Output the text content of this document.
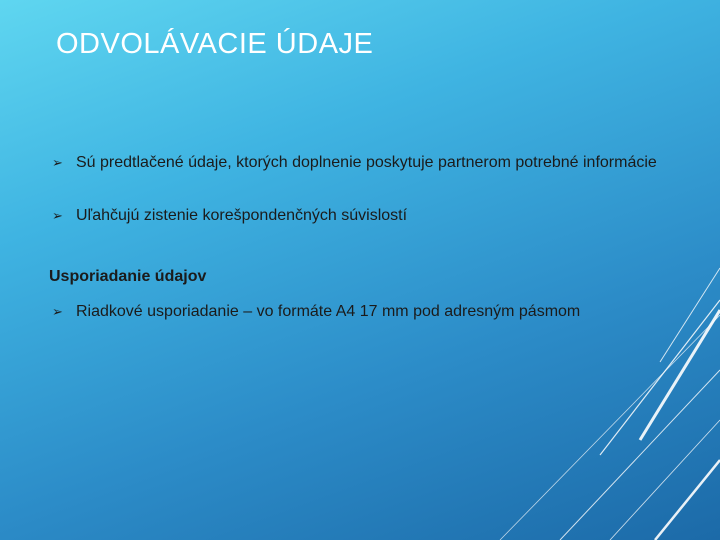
ODVOLÁVACIE ÚDAJE
➢ Sú predtlačené údaje, ktorých doplnenie poskytuje partnerom potrebné informácie
➢ Uľahčujú zistenie korešpondenčných súvislostí
Usporiadanie údajov
➢ Riadkové usporiadanie – vo formáte A4 17 mm pod adresným pásmom
